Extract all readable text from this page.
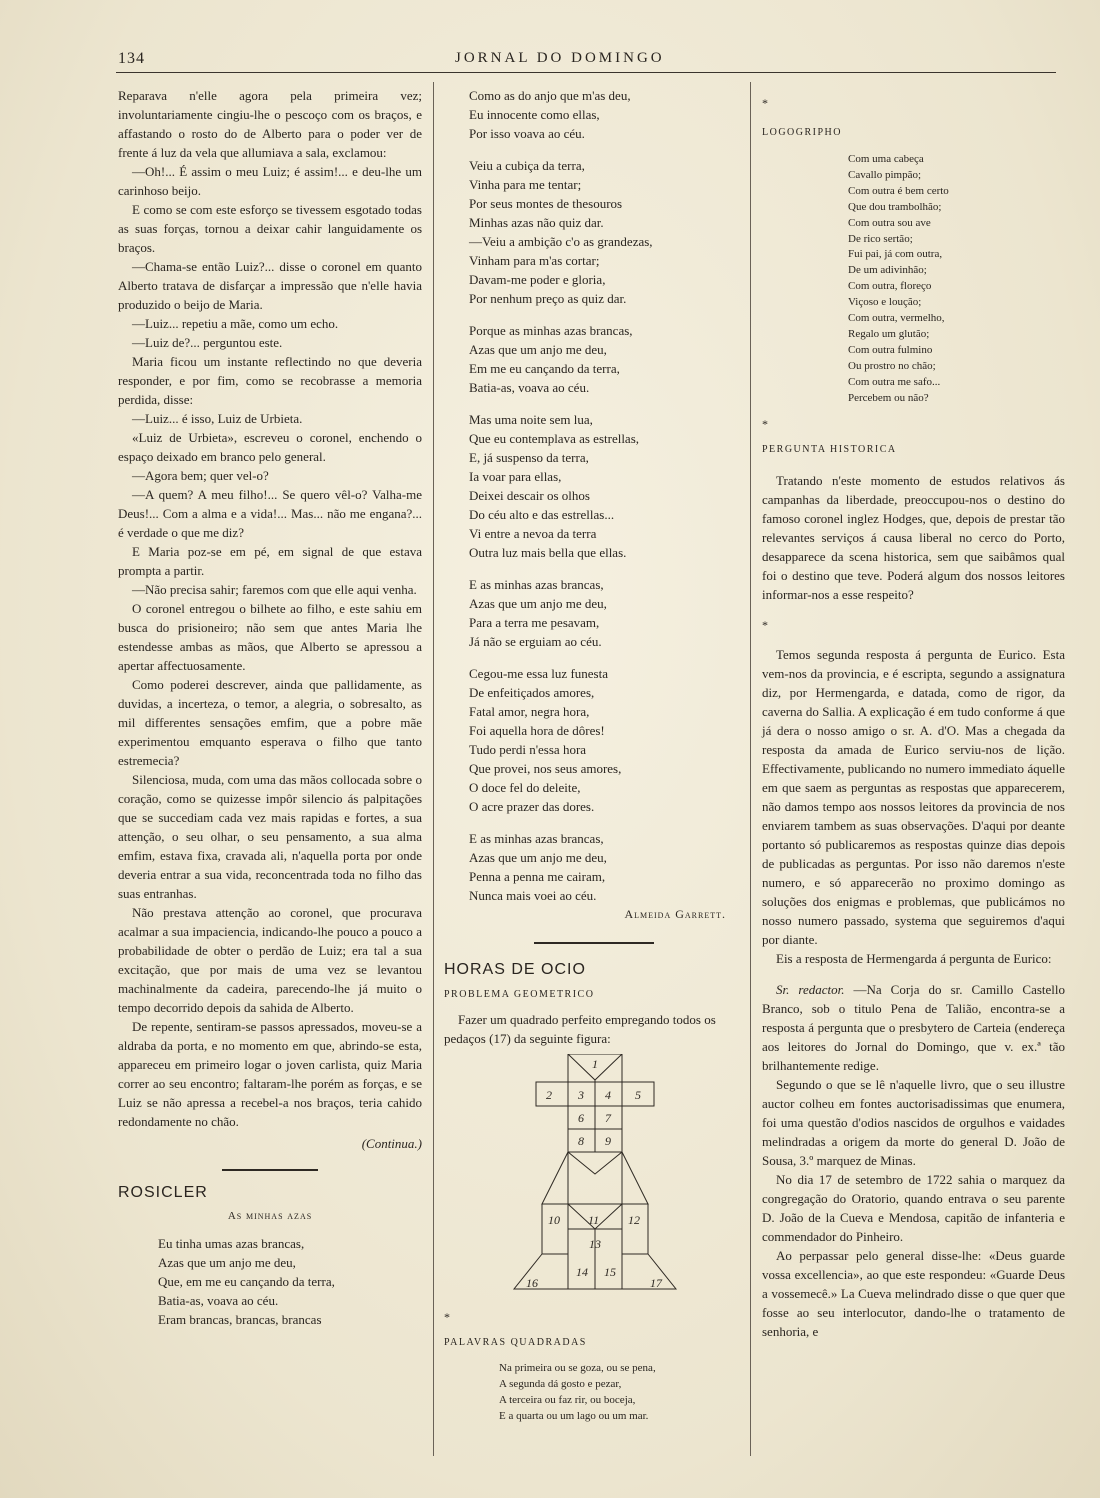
134	JORNAL DO DOMINGO

Reparava n'elle agora pela primeira vez; involuntariamente cingiu-lhe o pescoço com os braços, e affastando o rosto do de Alberto para o poder ver de frente á luz da vela que allumiava a sala, exclamou:

—Oh!... É assim o meu Luiz; é assim!... e deu-lhe um carinhoso beijo.

E como se com este esforço se tivessem esgotado todas as suas forças, tornou a deixar cahir languidamente os braços.

—Chama-se então Luiz?... disse o coronel em quanto Alberto tratava de disfarçar a impressão que n'elle havia produzido o beijo de Maria.

—Luiz... repetiu a mãe, como um echo.

—Luiz de?... perguntou este.

Maria ficou um instante reflectindo no que deveria responder, e por fim, como se recobrasse a memoria perdida, disse:

—Luiz... é isso, Luiz de Urbieta.

«Luiz de Urbieta», escreveu o coronel, enchendo o espaço deixado em branco pelo general.

—Agora bem; quer vel-o?

—A quem? A meu filho!... Se quero vêl-o? Valha-me Deus!... Com a alma e a vida!... Mas... não me engana?... é verdade o que me diz?

E Maria poz-se em pé, em signal de que estava prompta a partir.

—Não precisa sahir; faremos com que elle aqui venha.

O coronel entregou o bilhete ao filho, e este sahiu em busca do prisioneiro; não sem que antes Maria lhe estendesse ambas as mãos, que Alberto se apressou a apertar affectuosamente.

Como poderei descrever, ainda que pallidamente, as duvidas, a incerteza, o temor, a alegria, o sobresalto, as mil differentes sensações emfim, que a pobre mãe experimentou emquanto esperava o filho que tanto estremecia?

Silenciosa, muda, com uma das mãos collocada sobre o coração, como se quizesse impôr silencio ás palpitações que se succediam cada vez mais rapidas e fortes, a sua attenção, o seu olhar, o seu pensamento, a sua alma emfim, estava fixa, cravada ali, n'aquella porta por onde deveria entrar a sua vida, reconcentrada toda no filho das suas entranhas.

Não prestava attenção ao coronel, que procurava acalmar a sua impaciencia, indicando-lhe pouco a pouco a probabilidade de obter o perdão de Luiz; era tal a sua excitação, que por mais de uma vez se levantou machinalmente da cadeira, parecendo-lhe já muito o tempo decorrido depois da sahida de Alberto.

De repente, sentiram-se passos apressados, moveu-se a aldraba da porta, e no momento em que, abrindo-se esta, appareceu em primeiro logar o joven carlista, quiz Maria correr ao seu encontro; faltaram-lhe porém as forças, e se Luiz se não apressa a recebel-a nos braços, teria cahido redondamente no chão.

(Continua.)

ROSICLER

As minhas azas

Eu tinha umas azas brancas,

Azas que um anjo me deu,

Que, em me eu cançando da terra,

Batia-as, voava ao céu.

Eram brancas, brancas, brancas

Como as do anjo que m'as deu,

Eu innocente como ellas,

Por isso voava ao céu.

Veiu a cubiça da terra,

Vinha para me tentar;

Por seus montes de thesouros

Minhas azas não quiz dar.

—Veiu a ambição c'o as grandezas,

Vinham para m'as cortar;

Davam-me poder e gloria,

Por nenhum preço as quiz dar.

Porque as minhas azas brancas,

Azas que um anjo me deu,

Em me eu cançando da terra,

Batia-as, voava ao céu.

Mas uma noite sem lua,

Que eu contemplava as estrellas,

E, já suspenso da terra,

Ia voar para ellas,

Deixei descair os olhos

Do céu alto e das estrellas...

Vi entre a nevoa da terra

Outra luz mais bella que ellas.

E as minhas azas brancas,

Azas que um anjo me deu,

Para a terra me pesavam,

Já não se erguiam ao céu.

Cegou-me essa luz funesta

De enfeitiçados amores,

Fatal amor, negra hora,

Foi aquella hora de dôres!

Tudo perdi n'essa hora

Que provei, nos seus amores,

O doce fel do deleite,

O acre prazer das dores.

E as minhas azas brancas,

Azas que um anjo me deu,

Penna a penna me cairam,

Nunca mais voei ao céu.

Almeida Garrett.

HORAS DE OCIO

PROBLEMA GEOMETRICO

Fazer um quadrado perfeito empregando todos os pedaços (17) da seguinte figura:

1
2 3 4 5
6 7
8 9
10 11 12
13
14 15
16	17

*

PALAVRAS QUADRADAS

Na primeira ou se goza, ou se pena,

A segunda dá gosto e pezar,

A terceira ou faz rir, ou boceja,

E a quarta ou um lago ou um mar.

*

LOGOGRIPHO

Com uma cabeça

Cavallo pimpão;

Com outra é bem certo

Que dou trambolhão;

Com outra sou ave

De rico sertão;

Fui pai, já com outra,

De um adivinhão;

Com outra, floreço

Viçoso e loução;

Com outra, vermelho,

Regalo um glutão;

Com outra fulmino

Ou prostro no chão;

Com outra me safo...

Percebem ou não?

*

PERGUNTA HISTORICA

Tratando n'este momento de estudos relativos ás campanhas da liberdade, preoccupou-nos o destino do famoso coronel inglez Hodges, que, depois de prestar tão relevantes serviços á causa liberal no cerco do Porto, desapparece da scena historica, sem que saibâmos qual foi o destino que teve. Poderá algum dos nossos leitores informar-nos a esse respeito?

*

Temos segunda resposta á pergunta de Eurico. Esta vem-nos da provincia, e é escripta, segundo a assignatura diz, por Hermengarda, e datada, como de rigor, da caverna do Sallia. A explicação é em tudo conforme á que já dera o nosso amigo o sr. A. d'O. Mas a chegada da resposta da amada de Eurico serviu-nos de lição. Effectivamente, publicando no numero immediato áquelle em que saem as perguntas as respostas que apparecerem, não damos tempo aos nossos leitores da provincia de nos enviarem tambem as suas observações. D'aqui por deante portanto só publicaremos as respostas quinze dias depois de publicadas as perguntas. Por isso não daremos n'este numero, e só apparecerão no proximo domingo as soluções dos enigmas e problemas, que publicámos no nosso numero passado, systema que seguiremos d'aqui por diante.

Eis a resposta de Hermengarda á pergunta de Eurico:

Sr. redactor. —Na Corja do sr. Camillo Castello Branco, sob o titulo Pena de Talião, encontra-se a resposta á pergunta que o presbytero de Carteia (endereça aos leitores do Jornal do Domingo, que v. ex.ª tão brilhantemente redige.

Segundo o que se lê n'aquelle livro, que o seu illustre auctor colheu em fontes auctorisadissimas que enumera, foi uma questão d'odios nascidos de orgulhos e vaidades melindradas a origem da morte do general D. João de Sousa, 3.º marquez de Minas.

No dia 17 de setembro de 1722 sahia o marquez da congregação do Oratorio, quando entrava o seu parente D. João de la Cueva e Mendosa, capitão de infanteria e commendador do Pinheiro.

Ao perpassar pelo general disse-lhe: «Deus guarde vossa excellencia», ao que este respondeu: «Guarde Deus a vossemecê.» La Cueva melindrado disse o que quer que fosse ao seu interlocutor, dando-lhe o tratamento de senhoria, e
